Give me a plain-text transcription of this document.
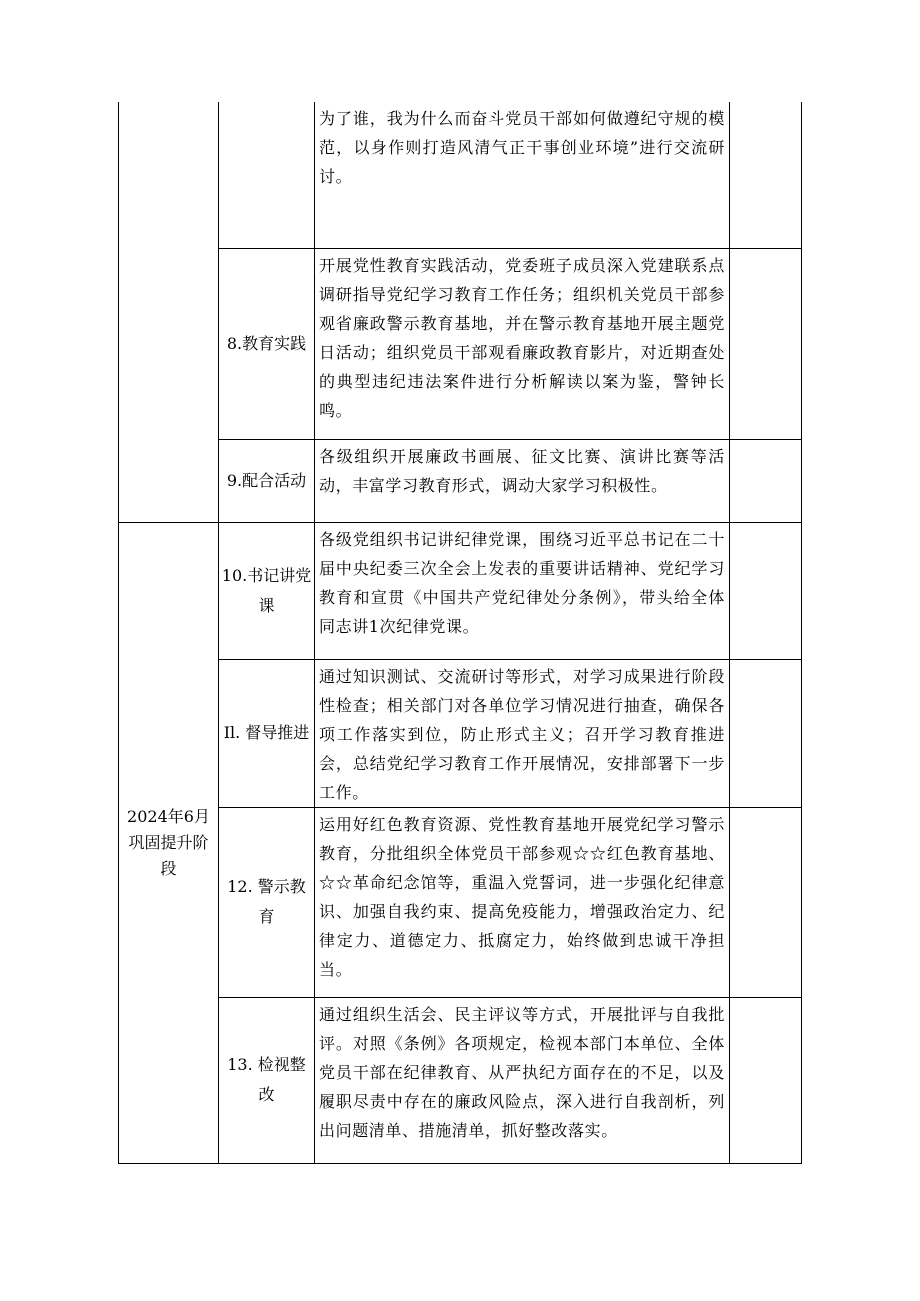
		为了谁，我为什么而奋斗党员干部如何做遵纪守规的模范，以身作则打造风清气正干事创业环境”进行交流研讨。	
	8.教育实践	开展党性教育实践活动，党委班子成员深入党建联系点调研指导党纪学习教育工作任务；组织机关党员干部参观省廉政警示教育基地，并在警示教育基地开展主题党日活动；组织党员干部观看廉政教育影片，对近期查处的典型违纪违法案件进行分析解读以案为鉴，警钟长鸣。	
	9.配合活动	各级组织开展廉政书画展、征文比赛、演讲比赛等活动，丰富学习教育形式，调动大家学习积极性。	
2024年6月巩固提升阶段	10.书记讲党课	各级党组织书记讲纪律党课，围绕习近平总书记在二十届中央纪委三次全会上发表的重要讲话精神、党纪学习教育和宣贯《中国共产党纪律处分条例》，带头给全体同志讲1次纪律党课。	
	Il. 督导推进	通过知识测试、交流研讨等形式，对学习成果进行阶段性检查；相关部门对各单位学习情况进行抽查，确保各项工作落实到位，防止形式主义；召开学习教育推进会，总结党纪学习教育工作开展情况，安排部署下一步工作。	
	12. 警示教育	运用好红色教育资源、党性教育基地开展党纪学习警示教育，分批组织全体党员干部参观☆☆红色教育基地、☆☆革命纪念馆等，重温入党誓词，进一步强化纪律意识、加强自我约束、提高免疫能力，增强政治定力、纪律定力、道德定力、抵腐定力，始终做到忠诚干净担当。	
	13. 检视整改	通过组织生活会、民主评议等方式，开展批评与自我批评。对照《条例》各项规定，检视本部门本单位、全体党员干部在纪律教育、从严执纪方面存在的不足，以及履职尽责中存在的廉政风险点，深入进行自我剖析，列出问题清单、措施清单，抓好整改落实。	
